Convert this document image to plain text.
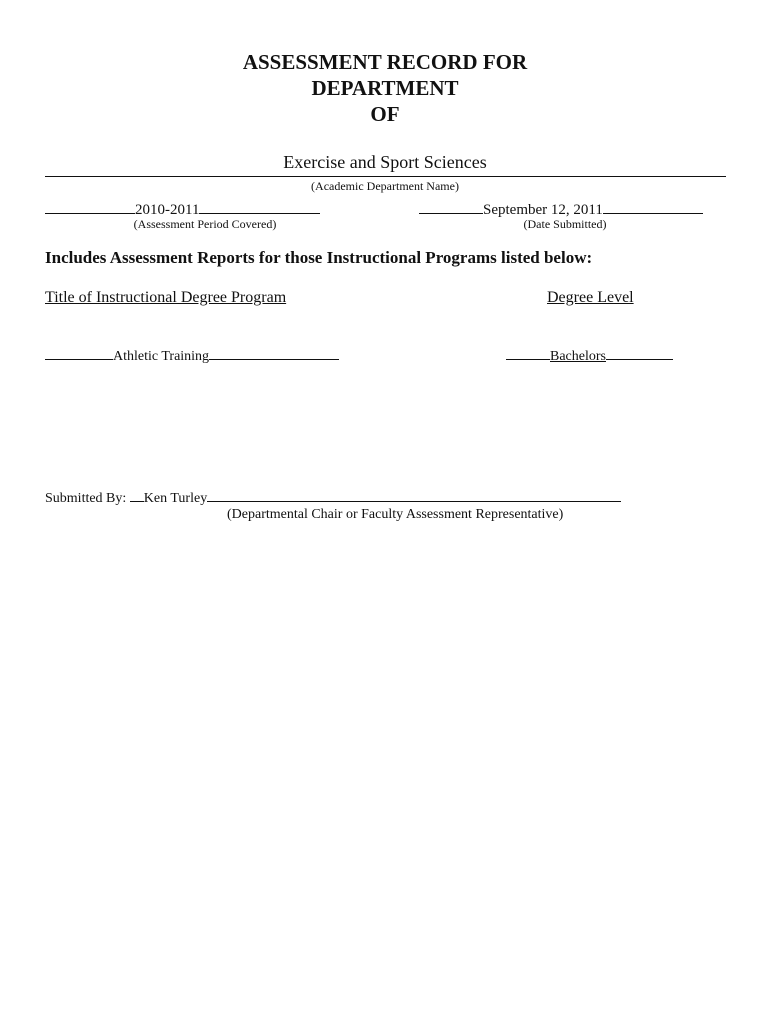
ASSESSMENT RECORD FOR
DEPARTMENT
OF
Exercise and Sport Sciences
(Academic Department Name)
2010-2011
(Assessment Period Covered)
September 12, 2011
(Date Submitted)
Includes Assessment Reports for those Instructional Programs listed below:
Title of Instructional Degree Program	Degree Level
Athletic Training	Bachelors
Submitted By: Ken Turley
(Departmental Chair or Faculty Assessment Representative)
